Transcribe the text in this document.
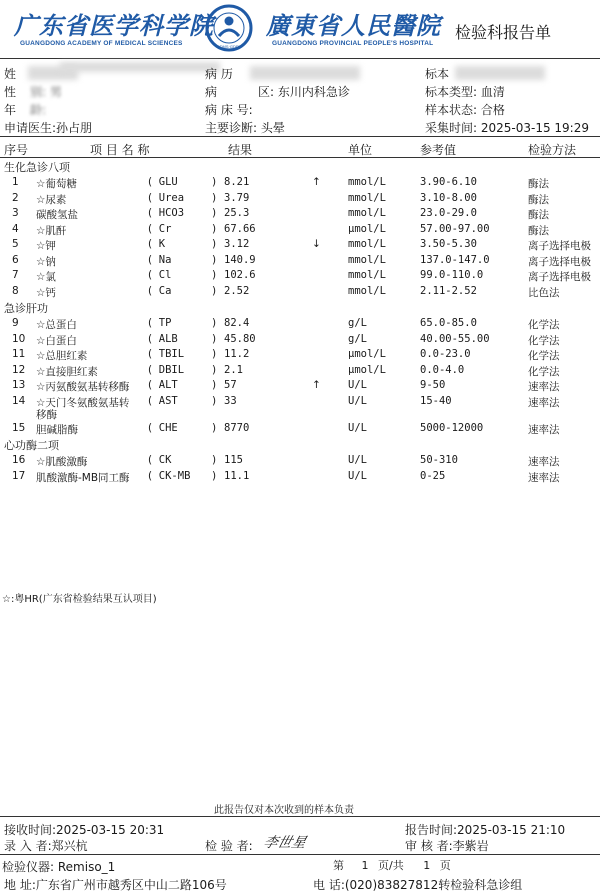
广东省医学科学院
GUANGDONG ACADEMY OF MEDICAL SCIENCES	GDMS·GDPH
廣東省人民醫院
GUANGDONG PROVINCIAL PEOPLE'S HOSPITAL
检验科报告单
姓
性 别: 男
年 龄:
申请医生:孙占朋
病 历
病	区: 东川内科急诊
病 床 号:
主要诊断: 头晕
标本
标本类型: 血清
样本状态: 合格
采集时间: 2025-03-15 19:29
序号	项 目 名 称	结果	单位	参考值	检验方法
生化急诊八项
1 ☆葡萄糖	(  GLU	) 8.21	↑	mmol/L	3.90-6.10	酶法
2 ☆尿素	(  Urea	) 3.79	mmol/L	3.10-8.00	酶法
3 碳酸氢盐	(  HCO3	) 25.3	mmol/L	23.0-29.0	酶法
4 ☆肌酐	(  Cr	) 67.66	μmol/L	57.00-97.00	酶法
5 ☆钾	(  K	) 3.12	↓	mmol/L	3.50-5.30	离子选择电极
6 ☆钠	(  Na	) 140.9	mmol/L	137.0-147.0	离子选择电极
7 ☆氯	(  Cl	) 102.6	mmol/L	99.0-110.0	离子选择电极
8 ☆钙	(  Ca	) 2.52	mmol/L	2.11-2.52	比色法
急诊肝功
9 ☆总蛋白	(  TP	) 82.4	g/L	65.0-85.0	化学法
10 ☆白蛋白	(  ALB	) 45.80	g/L	40.00-55.00	化学法
11 ☆总胆红素	(  TBIL	) 11.2	μmol/L	0.0-23.0	化学法
12 ☆直接胆红素	(  DBIL	) 2.1	μmol/L	0.0-4.0	化学法
13 ☆丙氨酸氨基转移酶 (  ALT	) 57	↑	U/L	9-50	速率法
14 ☆天门冬氨酸氨基转 (  AST	) 33	U/L	15-40	速率法
移酶
15 胆碱脂酶	(  CHE	) 8770	U/L	5000-12000	速率法
心功酶二项
16 ☆肌酸激酶	(  CK	) 115	U/L	50-310	速率法
17 肌酸激酶-MB同工酶 (  CK-MB ) 11.1	U/L	0-25	速率法
☆:粤HR(广东省检验结果互认项目)
此报告仅对本次收到的样本负责
接收时间:2025-03-15 20:31	报告时间:2025-03-15 21:10
录 入 者:郑兴杭	检 验 者: 李世星	审 核 者:李紫岩
检验仪器: Remiso_1	第 1 页/共 1 页
地 址:广东省广州市越秀区中山二路106号	电 话:(020)83827812转检验科急诊组
